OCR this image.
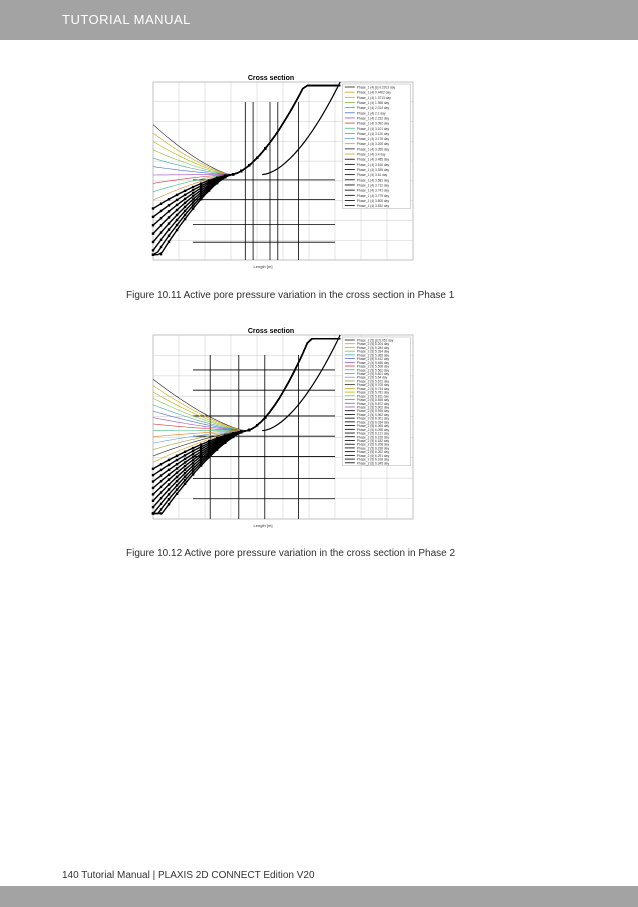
TUTORIAL MANUAL
Cross section
Phase_1 (4) [s] 0.2913 day
Phase_1 (4) 0.4462 day
Phase_1 (4) 1.3713 day
Phase_1 (4) 1.958 day
Phase_1 (4) 2.014 day
Phase_1 (4) 2.1 day
Phase_1 (4) 2.232 day
Phase_1 (4) 3.092 day
Phase_1 (4) 3.101 day
Phase_1 (4) 3.120 day
Phase_1 (4) 3.178 day
Phase_1 (4) 3.205 day
Phase_1 (4) 3.355 day
Phase_1 (4) 3.4 day
Phase_1 (4) 3.485 day
Phase_1 (4) 3.516 day
Phase_1 (4) 3.535 day
Phase_1 (4) 3.61 day
Phase_1 (4) 3.681 day
Phase_1 (4) 3.712 day
Phase_1 (4) 3.741 day
Phase_1 (4) 3.779 day
Phase_1 (4) 3.805 day
Phase_1 (4) 3.832 day
Length [m]
Figure 10.11 Active pore pressure variation in the cross section in Phase 1
Cross section
Phase_2 (5) [s] 5.051 day
Phase_2 (5) 5.204 day
Phase_2 (5) 5.284 day
Phase_2 (5) 5.334 day
Phase_2 (5) 5.365 day
Phase_2 (5) 5.412 day
Phase_2 (5) 5.455 day
Phase_2 (5) 5.508 day
Phase_2 (5) 5.562 day
Phase_2 (5) 5.601 day
Phase_2 (5) 5.64 day
Phase_2 (5) 5.672 day
Phase_2 (5) 5.705 day
Phase_2 (5) 5.744 day
Phase_2 (5) 5.781 day
Phase_2 (5) 5.811 day
Phase_2 (5) 5.845 day
Phase_2 (5) 5.872 day
Phase_2 (5) 5.902 day
Phase_2 (5) 5.935 day
Phase_2 (5) 5.962 day
Phase_2 (5) 6.001 day
Phase_2 (5) 6.034 day
Phase_2 (5) 6.065 day
Phase_2 (5) 6.098 day
Phase_2 (5) 6.121 day
Phase_2 (5) 6.155 day
Phase_2 (5) 6.182 day
Phase_2 (5) 6.208 day
Phase_2 (5) 6.236 day
Phase_2 (5) 6.262 day
Phase_2 (5) 6.291 day
Phase_2 (5) 6.318 day
Phase_2 (5) 6.345 day
Length [m]
Figure 10.12 Active pore pressure variation in the cross section in Phase 2
140 Tutorial Manual | PLAXIS 2D CONNECT Edition V20
